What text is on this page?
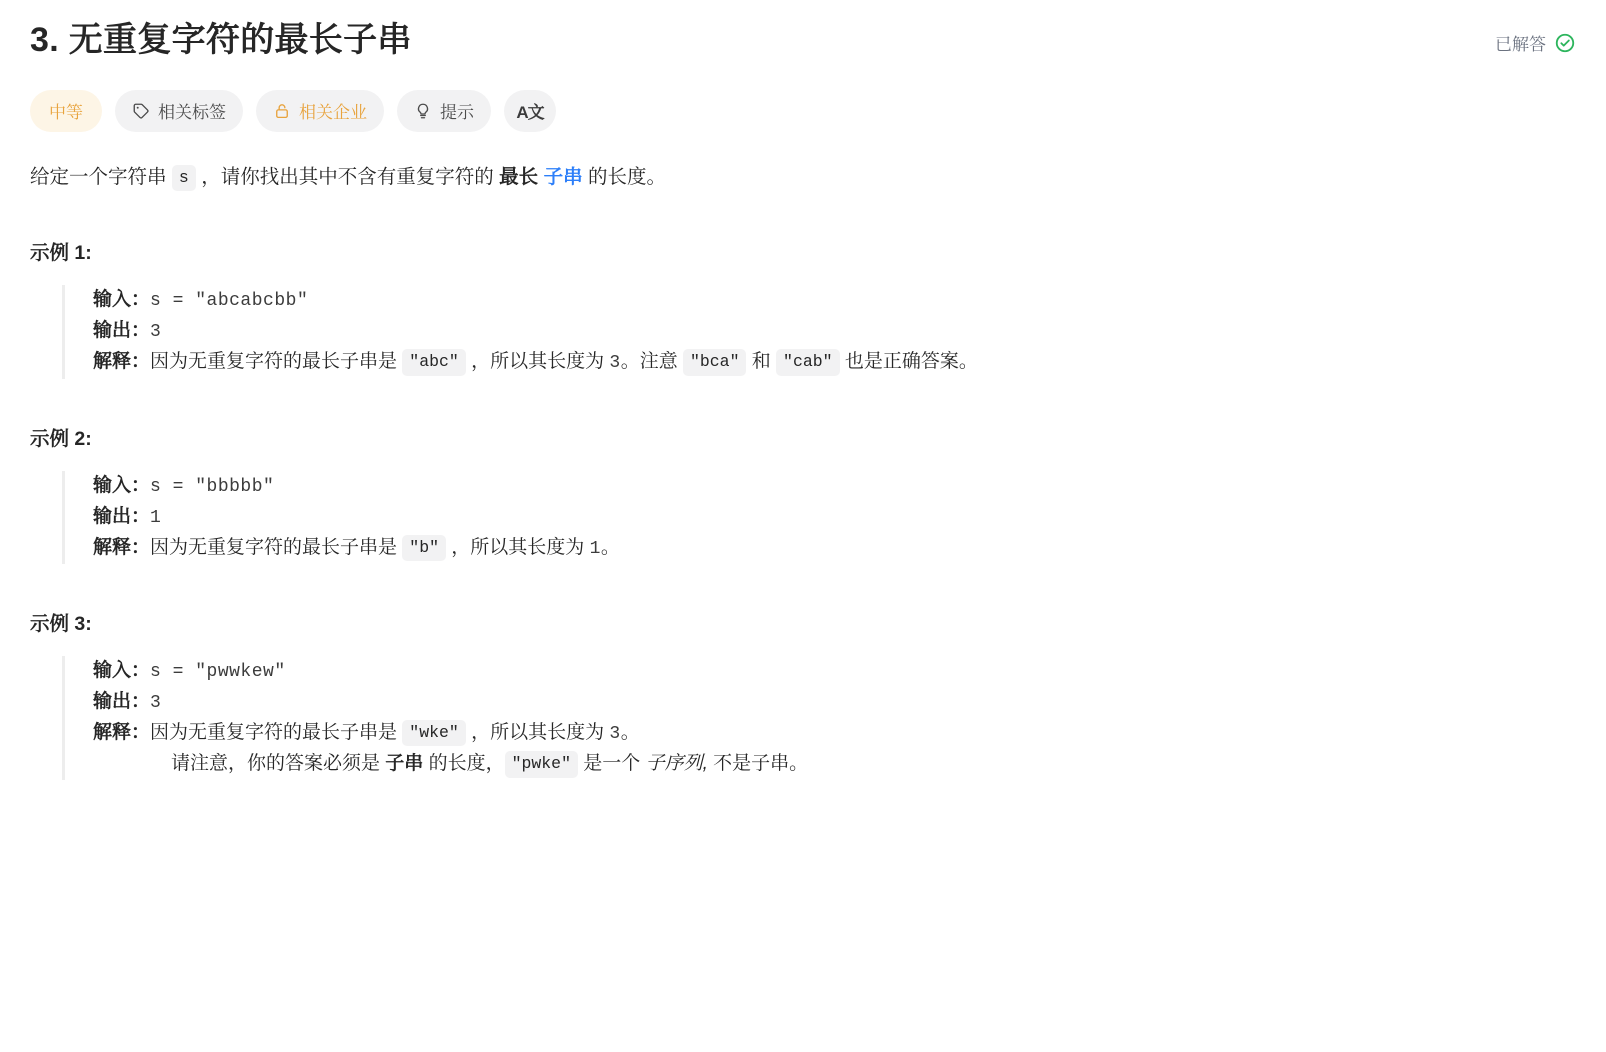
3. 无重复字符的最长子串	已解答
中等	相关标签	相关企业	提示 A文
给定一个字符串 s ，请你找出其中不含有重复字符的 最长 子串 的长度。
示例 1:
输入：s = "abcabcbb"
输出：3
解释：因为无重复字符的最长子串是 "abc" ，所以其长度为 3。注意 "bca" 和 "cab" 也是正确答案。
示例 2:
输入：s = "bbbbb"
输出：1
解释：因为无重复字符的最长子串是 "b" ，所以其长度为 1。
示例 3:
输入：s = "pwwkew"
输出：3
解释：因为无重复字符的最长子串是 "wke" ，所以其长度为 3。
请注意，你的答案必须是 子串 的长度， "pwke" 是一个 子序列, 不是子串。
